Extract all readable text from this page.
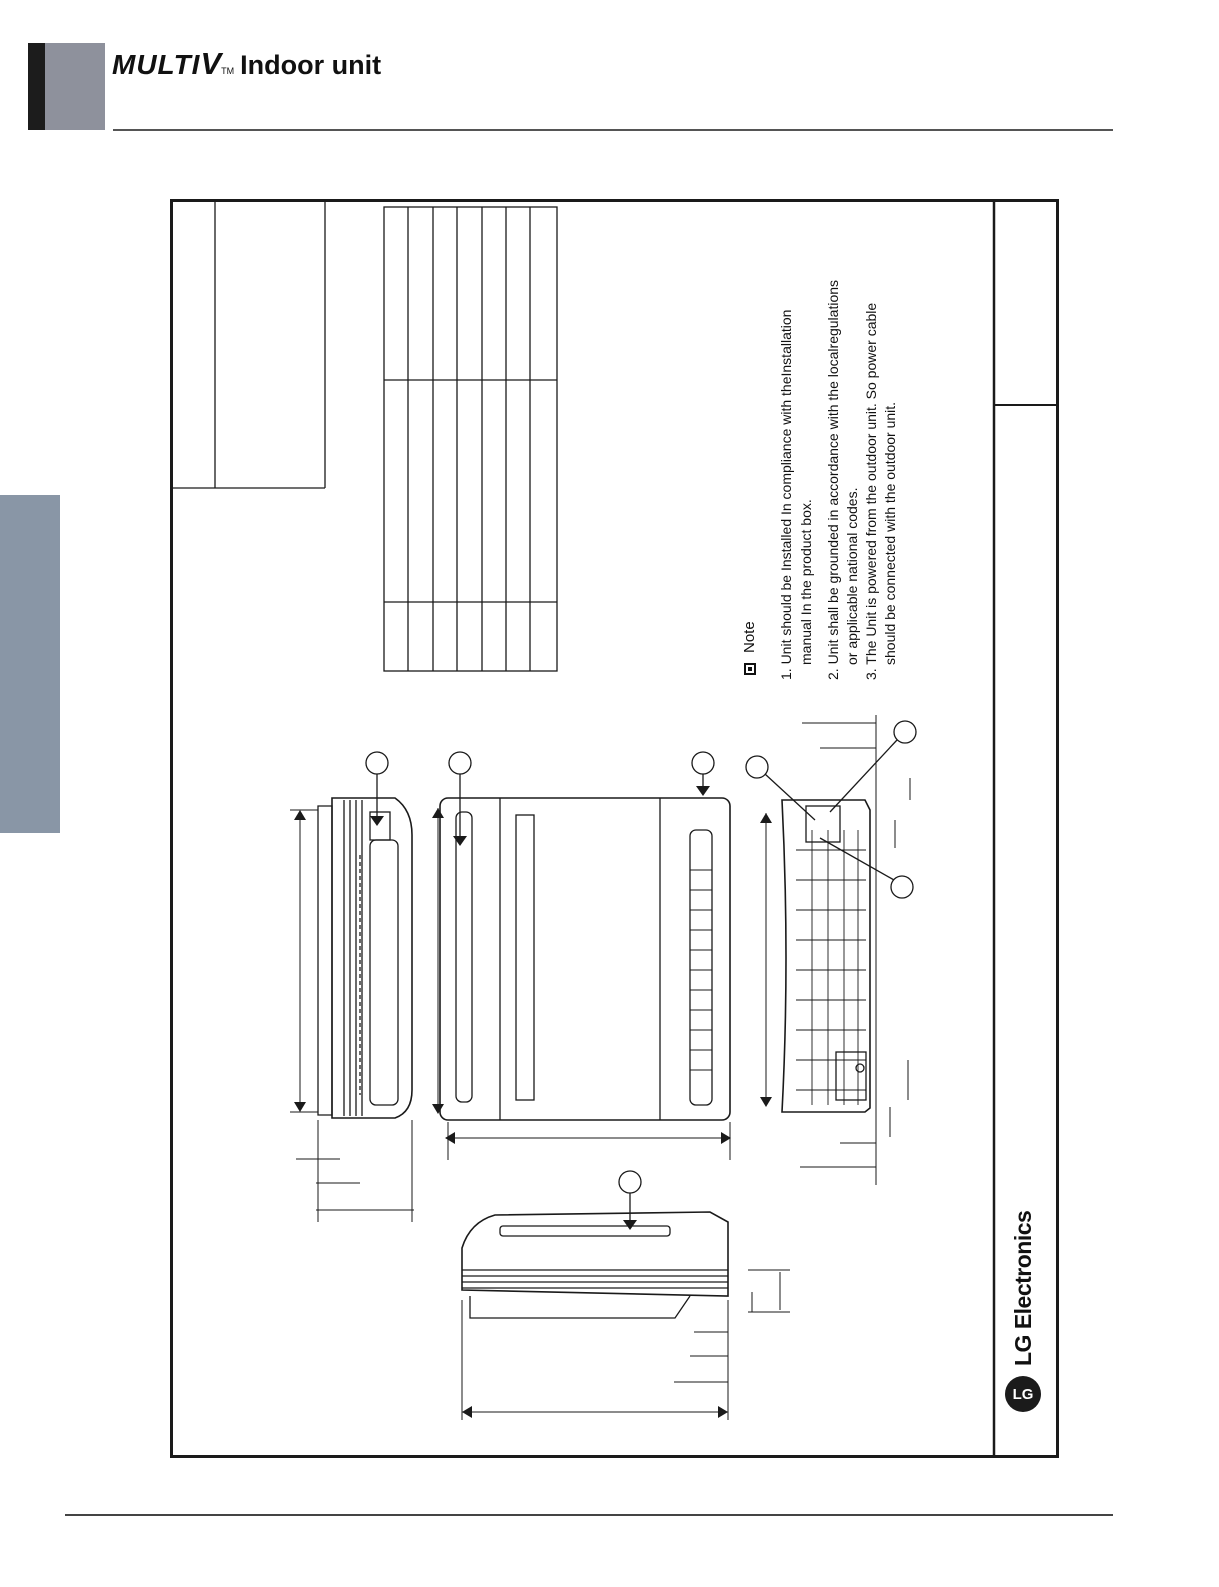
MULTI V TM Indoor unit
Note 1. Unit should be Installed In compliance with theInstallation manual In the product box. 2. Unit shall be grounded in accordance with the localregulations or applicable national codes. 3. The Unit is powered from the outdoor unit. So power cable should be connected with the outdoor unit.
LG
LG Electronics
